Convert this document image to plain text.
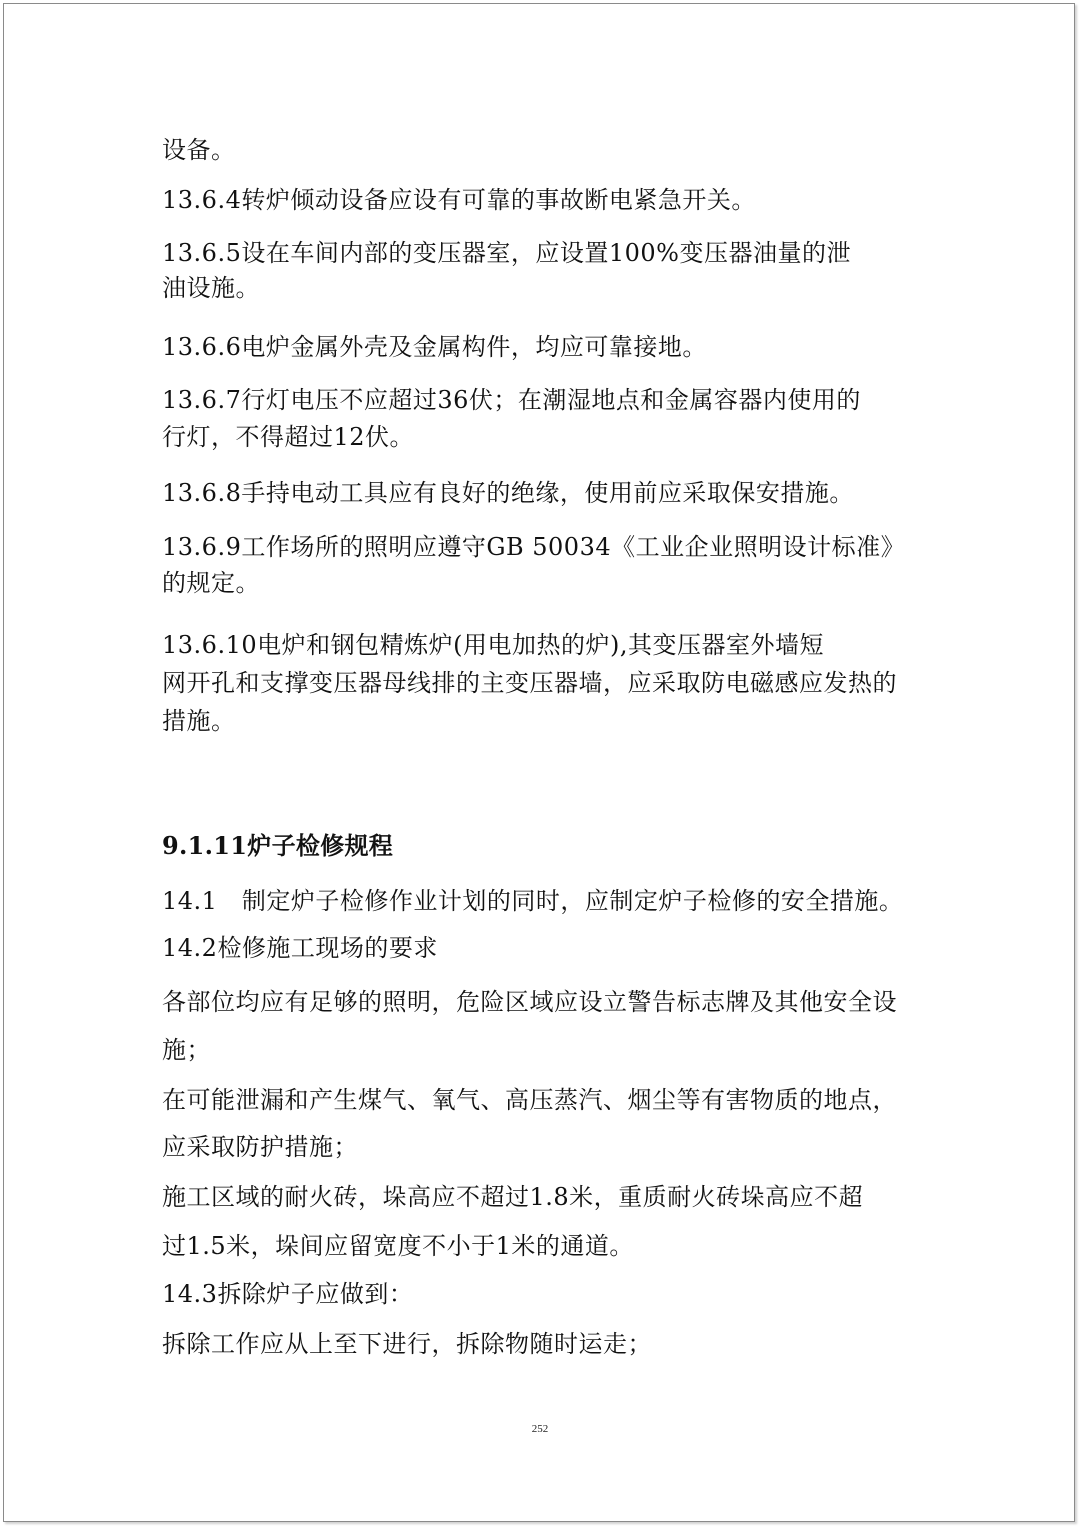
设备。
13.6.4转炉倾动设备应设有可靠的事故断电紧急开关。
13.6.5设在车间内部的变压器室，应设置100%变压器油量的泄
油设施。
13.6.6电炉金属外壳及金属构件，均应可靠接地。
13.6.7行灯电压不应超过36伏；在潮湿地点和金属容器内使用的
行灯，不得超过12伏。
13.6.8手持电动工具应有良好的绝缘，使用前应采取保安措施。
13.6.9工作场所的照明应遵守GB 50034《工业企业照明设计标准》
的规定。
13.6.10电炉和钢包精炼炉(用电加热的炉),其变压器室外墙短
网开孔和支撑变压器母线排的主变压器墙，应采取防电磁感应发热的
措施。
9.1.11炉子检修规程
14.1　制定炉子检修作业计划的同时，应制定炉子检修的安全措施。
14.2检修施工现场的要求
各部位均应有足够的照明，危险区域应设立警告标志牌及其他安全设
施；
在可能泄漏和产生煤气、氧气、高压蒸汽、烟尘等有害物质的地点，
应采取防护措施；
施工区域的耐火砖，垛高应不超过1.8米，重质耐火砖垛高应不超
过1.5米，垛间应留宽度不小于1米的通道。
14.3拆除炉子应做到：
拆除工作应从上至下进行，拆除物随时运走；
252
